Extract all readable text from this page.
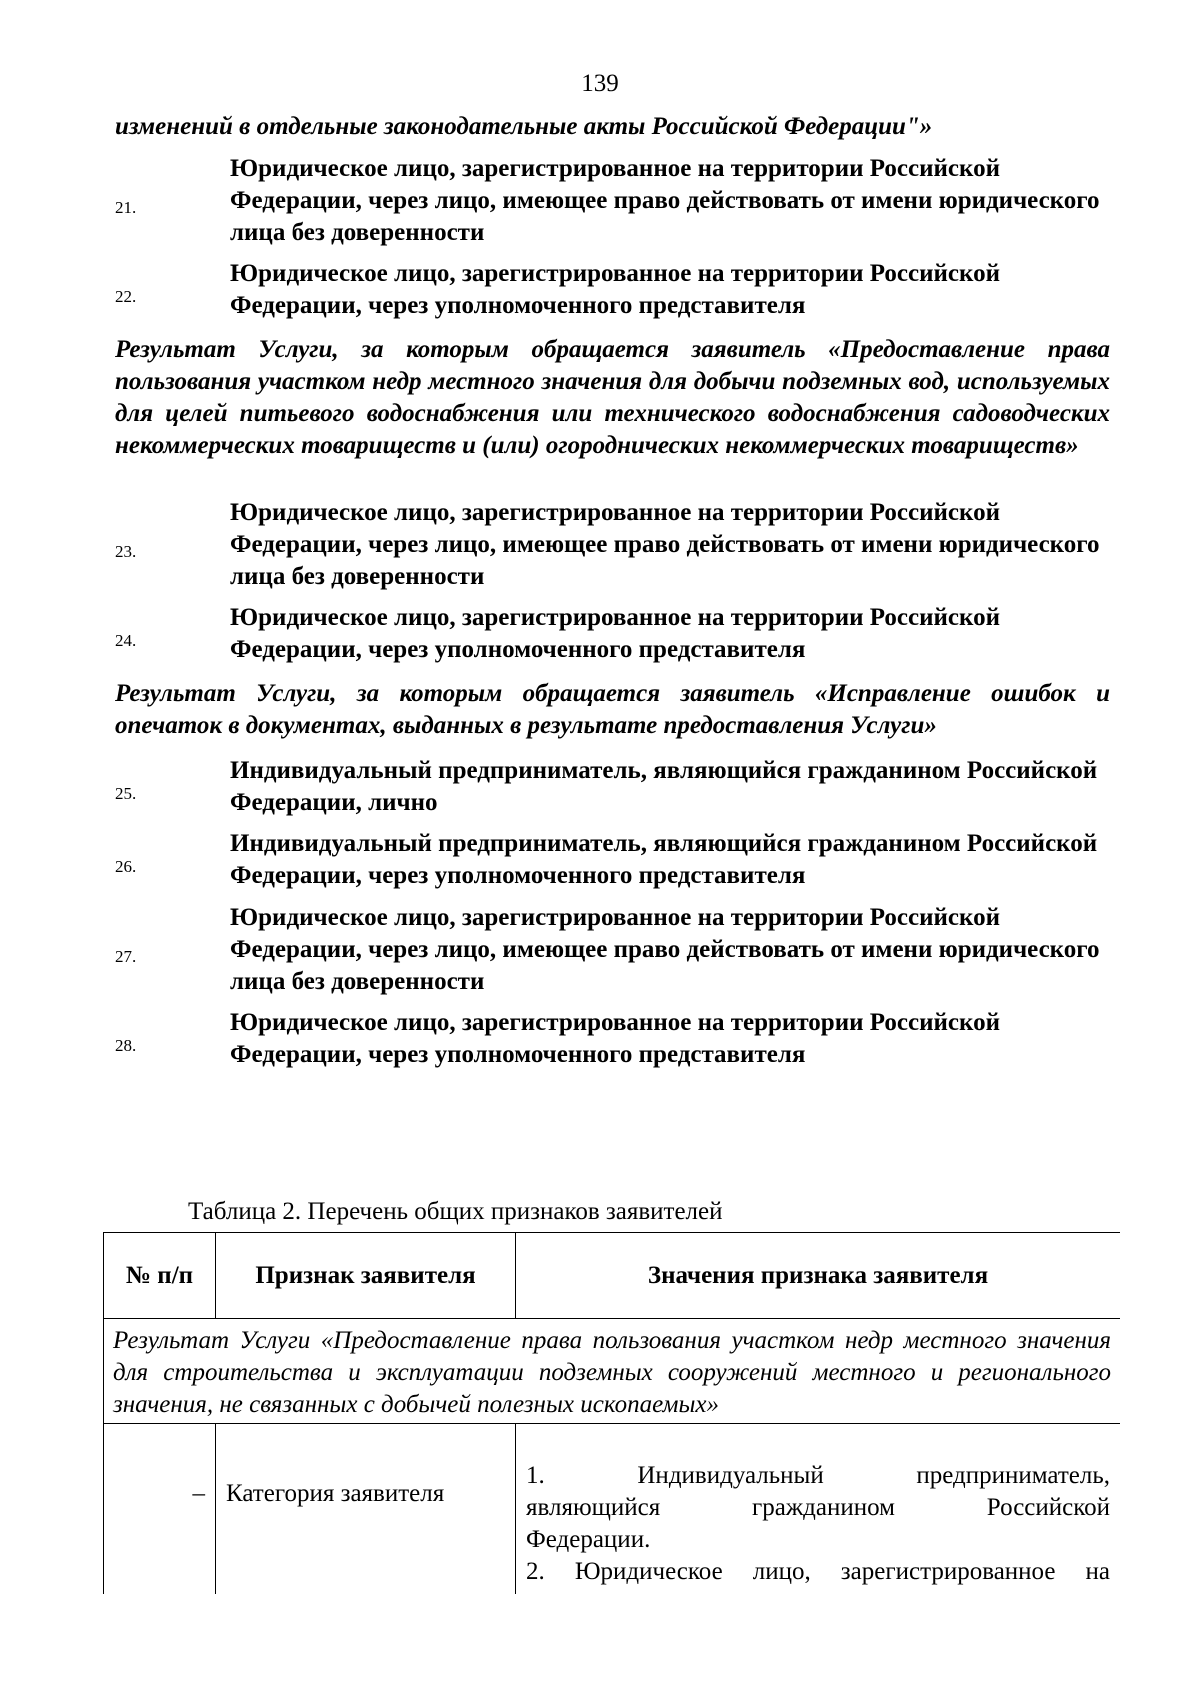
139
изменений в отдельные законодательные акты Российской Федерации"»
21.
Юридическое лицо, зарегистрированное на территории Российской Федерации, через лицо, имеющее право действовать от имени юридического лица без доверенности
22.
Юридическое лицо, зарегистрированное на территории Российской Федерации, через уполномоченного представителя
Результат Услуги, за которым обращается заявитель «Предоставление права пользования участком недр местного значения для добычи подземных вод, используемых для целей питьевого водоснабжения или технического водоснабжения садоводческих некоммерческих товариществ и (или) огороднических некоммерческих товариществ»
23.
Юридическое лицо, зарегистрированное на территории Российской Федерации, через лицо, имеющее право действовать от имени юридического лица без доверенности
24.
Юридическое лицо, зарегистрированное на территории Российской Федерации, через уполномоченного представителя
Результат Услуги, за которым обращается заявитель «Исправление ошибок и опечаток в документах, выданных в результате предоставления Услуги»
25.
Индивидуальный предприниматель, являющийся гражданином Российской Федерации, лично
26.
Индивидуальный предприниматель, являющийся гражданином Российской Федерации, через уполномоченного представителя
27.
Юридическое лицо, зарегистрированное на территории Российской Федерации, через лицо, имеющее право действовать от имени юридического лица без доверенности
28.
Юридическое лицо, зарегистрированное на территории Российской Федерации, через уполномоченного представителя
Таблица 2. Перечень общих признаков заявителей
№ п/п	Признак заявителя	Значения признака заявителя
Результат Услуги «Предоставление права пользования участком недр местного значения для строительства и эксплуатации подземных сооружений местного и регионального значения, не связанных с добычей полезных ископаемых»		
–	Категория заявителя	1. Индивидуальный предприниматель,
являющийся гражданином Российской
Федерации.
2. Юридическое лицо, зарегистрированное на
